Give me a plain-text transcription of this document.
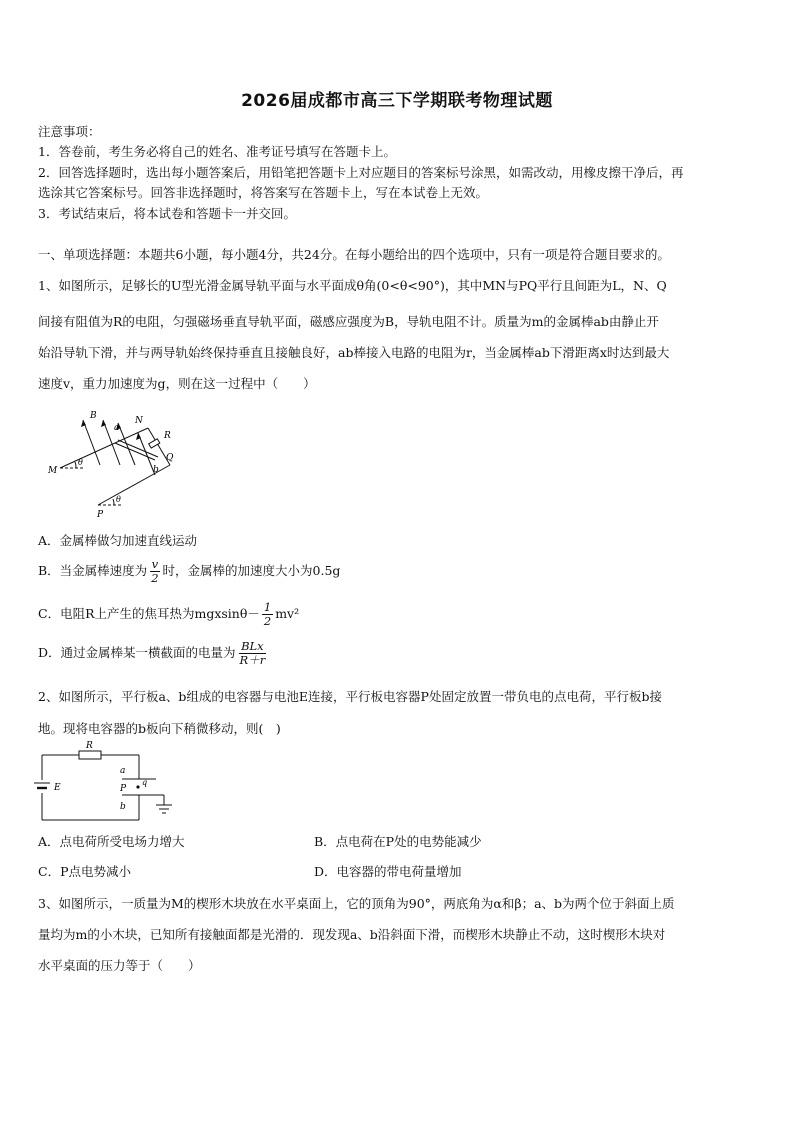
2026届成都市高三下学期联考物理试题
注意事项：
1．答卷前，考生务必将自己的姓名、准考证号填写在答题卡上。
2．回答选择题时，选出每小题答案后，用铅笔把答题卡上对应题目的答案标号涂黑，如需改动，用橡皮擦干净后，再
选涂其它答案标号。回答非选择题时，将答案写在答题卡上，写在本试卷上无效。
3．考试结束后，将本试卷和答题卡一并交回。
一、单项选择题：本题共6小题，每小题4分，共24分。在每小题给出的四个选项中，只有一项是符合题目要求的。
1、如图所示，足够长的U型光滑金属导轨平面与水平面成θ角(0<θ<90°)，其中MN与PQ平行且间距为L，N、Q
间接有阻值为R的电阻，匀强磁场垂直导轨平面，磁感应强度为B，导轨电阻不计。质量为m的金属棒ab由静止开
始沿导轨下滑，并与两导轨始终保持垂直且接触良好，ab棒接入电路的电阻为r，当金属棒ab下滑距离x时达到最大
速度v，重力加速度为g，则在这一过程中（　　）
B	N
a
R
Q
b
M
θ
θ
P
A．金属棒做匀加速直线运动
B．当金属棒速度为 $\frac{v}{2}$ 时，金属棒的加速度大小为0.5g
C．电阻R上产生的焦耳热为$mgxsin\theta- \frac{1}{2} mv^2$
D．通过金属棒某一横截面的电量为 $\frac{\text{BLx}}{R+r}$
2、如图所示，平行板a、b组成的电容器与电池E连接，平行板电容器P处固定放置一带负电的点电荷，平行板b接
地。现将电容器的b板向下稍微移动，则(　)
R
E
a
b
P
q
A．点电荷所受电场力增大	B．点电荷在P处的电势能减少
C．P点电势减小	D．电容器的带电荷量增加
3、如图所示，一质量为M的楔形木块放在水平桌面上，它的顶角为90°，两底角为α和β；a、b为两个位于斜面上质
量均为m的小木块，已知所有接触面都是光滑的．现发现a、b沿斜面下滑，而楔形木块静止不动，这时楔形木块对
水平桌面的压力等于（　　）
